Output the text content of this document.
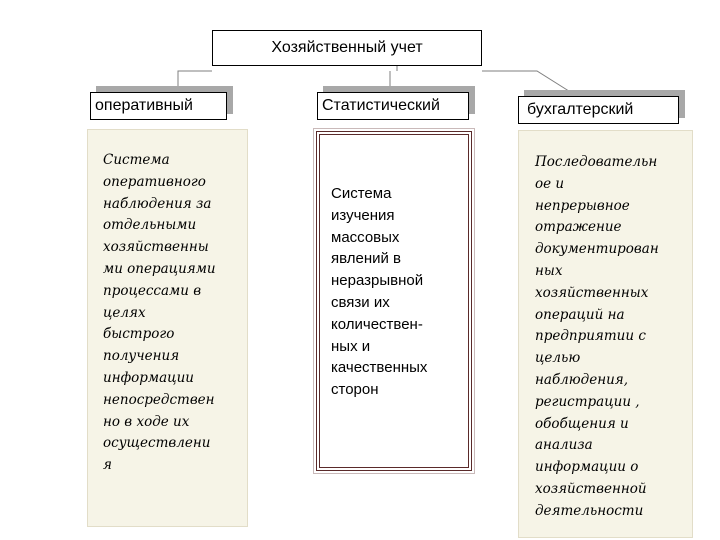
Хозяйственный учет
оперативный
Система
оперативного
наблюдения за
отдельными
хозяйственны
ми операциями
процессами в
целях
быстрого
получения
информации
непосредствен
но в ходе их
осуществлени
я
Статистический
Система
изучения
массовых
явлений в
неразрывной
связи их
количествен-
ных и
качественных
сторон
бухгалтерский
Последовательн
ое и
непрерывное
отражение
документирован
ных
хозяйственных
операций на
предприятии с
целью
наблюдения,
регистрации ,
обобщения и
анализа
информации о
хозяйственной
деятельности
